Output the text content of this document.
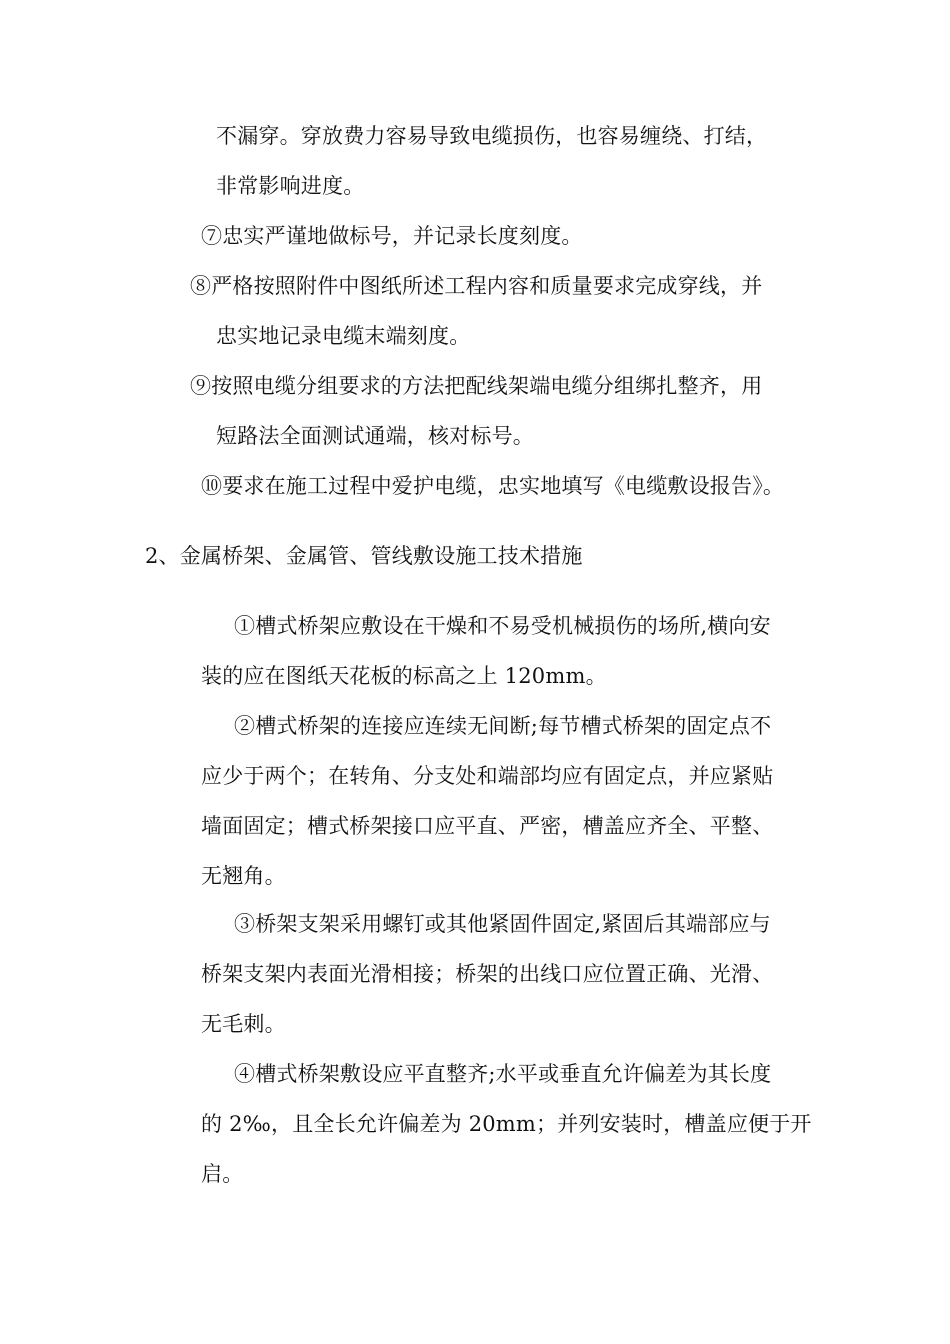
不漏穿。穿放费力容易导致电缆损伤，也容易缠绕、打结，
非常影响进度。
⑦忠实严谨地做标号，并记录长度刻度。
⑧严格按照附件中图纸所述工程内容和质量要求完成穿线，并
忠实地记录电缆末端刻度。
⑨按照电缆分组要求的方法把配线架端电缆分组绑扎整齐，用
短路法全面测试通端，核对标号。
⑩要求在施工过程中爱护电缆，忠实地填写《电缆敷设报告》。
2、金属桥架、金属管、管线敷设施工技术措施
①槽式桥架应敷设在干燥和不易受机械损伤的场所,横向安
装的应在图纸天花板的标高之上 120mm。
②槽式桥架的连接应连续无间断;每节槽式桥架的固定点不
应少于两个；在转角、分支处和端部均应有固定点，并应紧贴
墙面固定；槽式桥架接口应平直、严密，槽盖应齐全、平整、
无翘角。
③桥架支架采用螺钉或其他紧固件固定,紧固后其端部应与
桥架支架内表面光滑相接；桥架的出线口应位置正确、光滑、
无毛刺。
④槽式桥架敷设应平直整齐;水平或垂直允许偏差为其长度
的 2‰，且全长允许偏差为 20mm；并列安装时，槽盖应便于开
启。
